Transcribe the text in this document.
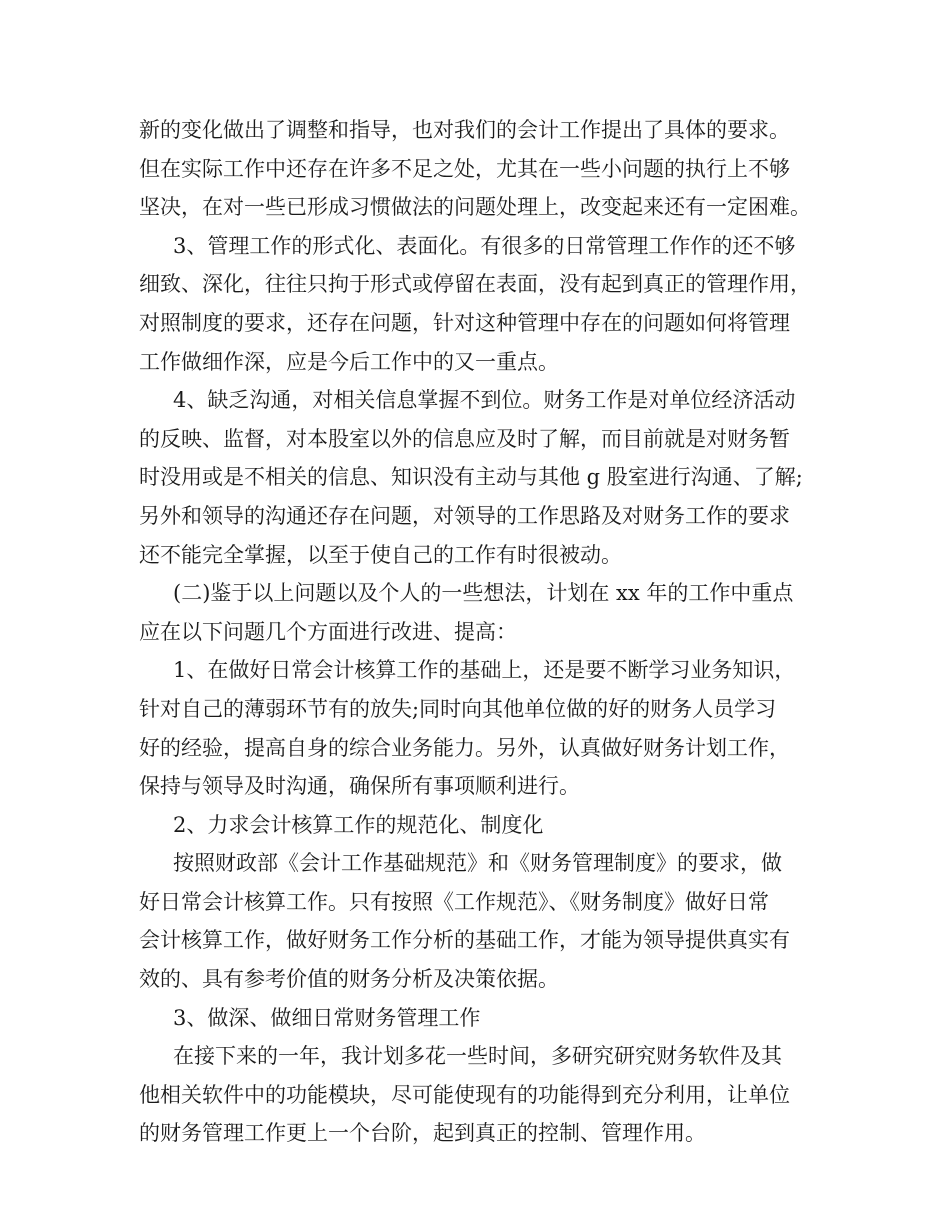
新的变化做出了调整和指导，也对我们的会计工作提出了具体的要求。
但在实际工作中还存在许多不足之处，尤其在一些小问题的执行上不够
坚决，在对一些已形成习惯做法的问题处理上，改变起来还有一定困难。
3、管理工作的形式化、表面化。有很多的日常管理工作作的还不够
细致、深化，往往只拘于形式或停留在表面，没有起到真正的管理作用，
对照制度的要求，还存在问题，针对这种管理中存在的问题如何将管理
工作做细作深，应是今后工作中的又一重点。
4、缺乏沟通，对相关信息掌握不到位。财务工作是对单位经济活动
的反映、监督，对本股室以外的信息应及时了解，而目前就是对财务暂
时没用或是不相关的信息、知识没有主动与其他 g 股室进行沟通、了解;
另外和领导的沟通还存在问题，对领导的工作思路及对财务工作的要求
还不能完全掌握，以至于使自己的工作有时很被动。
(二)鉴于以上问题以及个人的一些想法，计划在 xx 年的工作中重点
应在以下问题几个方面进行改进、提高：
1、在做好日常会计核算工作的基础上，还是要不断学习业务知识，
针对自己的薄弱环节有的放失;同时向其他单位做的好的财务人员学习
好的经验，提高自身的综合业务能力。另外，认真做好财务计划工作，
保持与领导及时沟通，确保所有事项顺利进行。
2、力求会计核算工作的规范化、制度化
按照财政部《会计工作基础规范》和《财务管理制度》的要求，做
好日常会计核算工作。只有按照《工作规范》、《财务制度》做好日常
会计核算工作，做好财务工作分析的基础工作，才能为领导提供真实有
效的、具有参考价值的财务分析及决策依据。
3、做深、做细日常财务管理工作
在接下来的一年，我计划多花一些时间，多研究研究财务软件及其
他相关软件中的功能模块，尽可能使现有的功能得到充分利用，让单位
的财务管理工作更上一个台阶，起到真正的控制、管理作用。
